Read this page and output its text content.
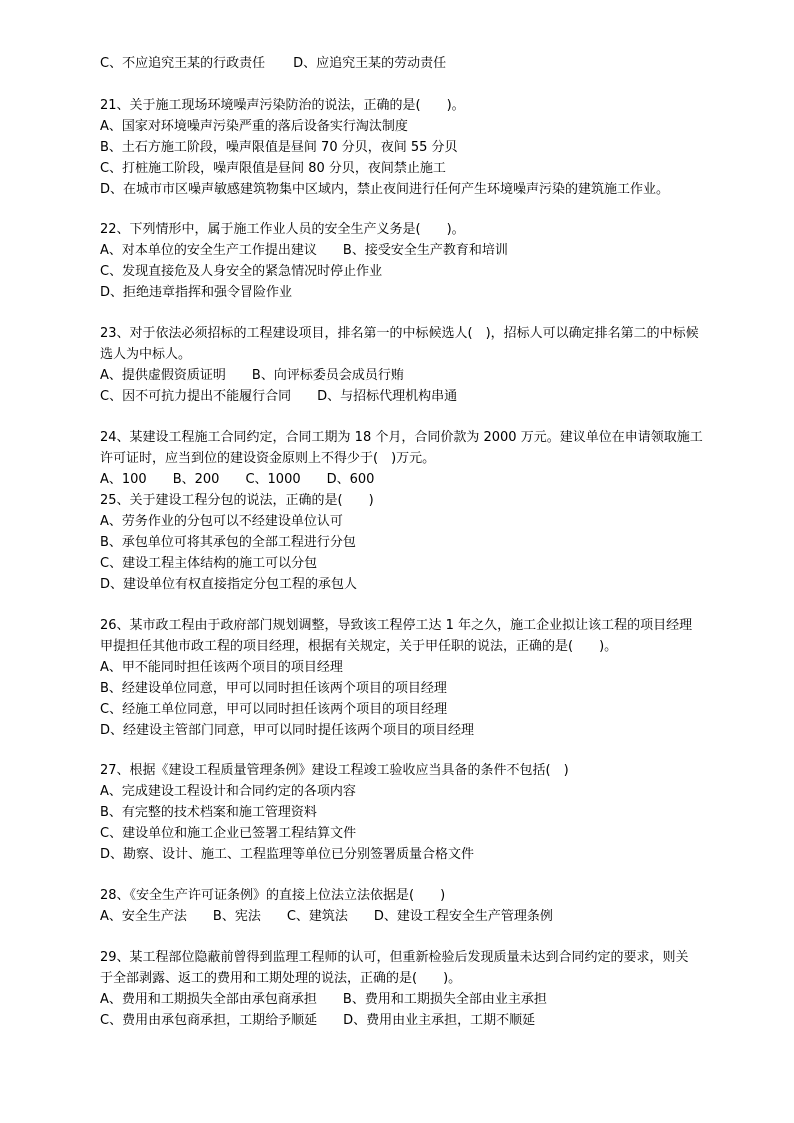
C、不应追究王某的行政责任 D、应追究王某的劳动责任
21、关于施工现场环境噪声污染防治的说法，正确的是(　　)。
A、国家对环境噪声污染严重的落后设备实行淘汰制度
B、土石方施工阶段，噪声限值是昼间 70 分贝，夜间 55 分贝
C、打桩施工阶段，噪声限值是昼间 80 分贝，夜间禁止施工
D、在城市市区噪声敏感建筑物集中区域内，禁止夜间进行任何产生环境噪声污染的建筑施工作业。
22、下列情形中，属于施工作业人员的安全生产义务是(　　)。
A、对本单位的安全生产工作提出建议 B、接受安全生产教育和培训
C、发现直接危及人身安全的紧急情况时停止作业
D、拒绝违章指挥和强令冒险作业
23、对于依法必须招标的工程建设项目，排名第一的中标候选人(　)，招标人可以确定排名第二的中标候
选人为中标人。
A、提供虚假资质证明 B、向评标委员会成员行贿
C、因不可抗力提出不能履行合同 D、与招标代理机构串通
24、某建设工程施工合同约定，合同工期为 18 个月，合同价款为 2000 万元。建议单位在申请领取施工
许可证时，应当到位的建设资金原则上不得少于(　)万元。
A、100 B、200 C、1000 D、600
25、关于建设工程分包的说法，正确的是(　　)
A、劳务作业的分包可以不经建设单位认可
B、承包单位可将其承包的全部工程进行分包
C、建设工程主体结构的施工可以分包
D、建设单位有权直接指定分包工程的承包人
26、某市政工程由于政府部门规划调整，导致该工程停工达 1 年之久，施工企业拟让该工程的项目经理
甲提担任其他市政工程的项目经理，根据有关规定，关于甲任职的说法，正确的是(　　)。
A、甲不能同时担任该两个项目的项目经理
B、经建设单位同意，甲可以同时担任该两个项目的项目经理
C、经施工单位同意，甲可以同时担任该两个项目的项目经理
D、经建设主管部门同意，甲可以同时提任该两个项目的项目经理
27、根据《建设工程质量管理条例》建设工程竣工验收应当具备的条件不包括(　)
A、完成建设工程设计和合同约定的各项内容
B、有完整的技术档案和施工管理资料
C、建设单位和施工企业已签署工程结算文件
D、勘察、设计、施工、工程监理等单位已分别签署质量合格文件
28、《安全生产许可证条例》的直接上位法立法依据是(　　)
A、安全生产法 B、宪法 C、建筑法 D、建设工程安全生产管理条例
29、某工程部位隐蔽前曾得到监理工程师的认可，但重新检验后发现质量未达到合同约定的要求，则关
于全部剥露、返工的费用和工期处理的说法，正确的是(　　)。
A、费用和工期损失全部由承包商承担 B、费用和工期损失全部由业主承担
C、费用由承包商承担，工期给予顺延 D、费用由业主承担，工期不顺延
